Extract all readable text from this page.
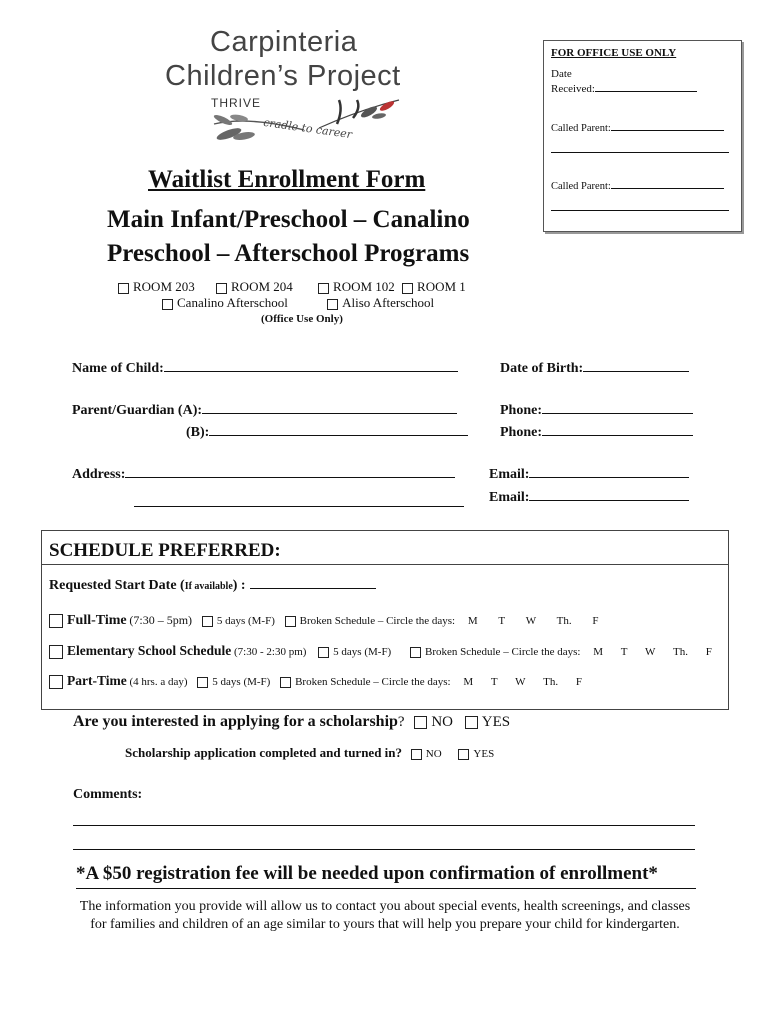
Carpinteria
Children’s Project
THRIVE
cradle to career
FOR OFFICE USE ONLY
Date
Received:
Called Parent:
Called Parent:
Waitlist Enrollment Form
Main Infant/Preschool – Canalino
Preschool – Afterschool Programs
ROOM 203	ROOM 204	ROOM 102 ROOM 1
Canalino Afterschool	Aliso Afterschool
(Office Use Only)
Name of Child:	Date of Birth:
Parent/Guardian (A):	Phone:
(B):	Phone:
Address:	Email:
Email:
SCHEDULE PREFERRED:
Requested Start Date (If available) :
Full-Time (7:30 – 5pm) 5 days (M-F) Broken Schedule – Circle the days: M T W Th. F
Elementary School Schedule (7:30 - 2:30 pm) 5 days (M-F)	Broken Schedule – Circle the days: M T W Th. F
Part-Time (4 hrs. a day) 5 days (M-F) Broken Schedule – Circle the days: M T W Th. F
Are you interested in applying for a scholarship? NO YES
Scholarship application completed and turned in? NO	YES
Comments:
*A $50 registration fee will be needed upon confirmation of enrollment*
The information you provide will allow us to contact you about special events, health screenings, and classes for families and children of an age similar to yours that will help you prepare your child for kindergarten.
